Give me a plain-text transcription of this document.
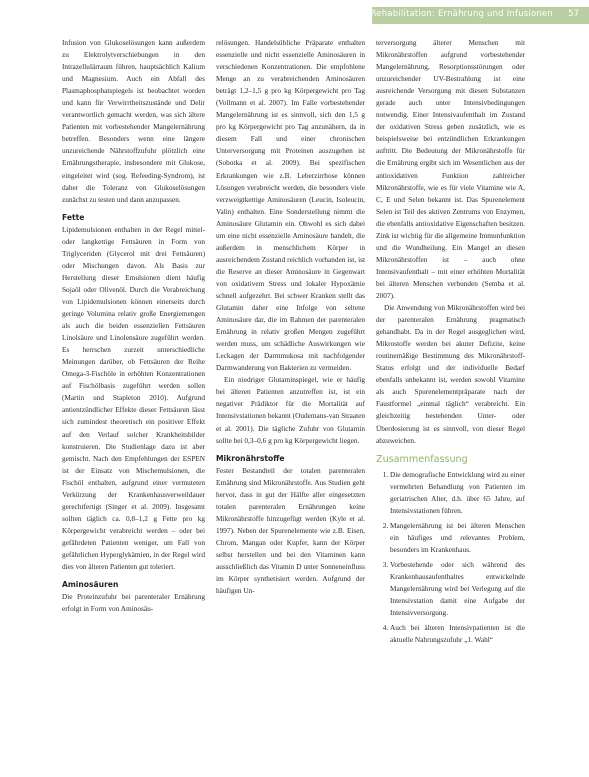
Rehabilitation: Ernährung und Infusionen 57

Infusion von Glukoselösungen kann außerdem zu Elektrolytverschiebungen in den Intrazellulärraum führen, hauptsächlich Kalium und Magnesium. Auch ein Abfall des Plasmaphosphatspiegels ist beobachtet worden und kann für Verwirrtheitszustände und Delir verantwortlich gemacht werden, was sich ältere Patienten mit vorbestehender Mangelernährung betreffen. Besonders wenn eine längere unzureichende Nährstoffzufuhr plötzlich eine Ernährungstherapie, insbesondere mit Glukose, eingeleitet wird (sog. Refeeding-Syndrom), ist daher die Toleranz von Glukoselösungen zunächst zu testen und dann anzupassen.

Fette

Lipidemulsionen enthalten in der Regel mittel- oder langkettige Fettsäuren in Form von Triglyceriden (Glycerol mit drei Fettsäuren) oder Mischungen davon. Als Basis zur Herstellung dieser Emulsionen dient häufig Sojaöl oder Olivenöl. Durch die Verabreichung von Lipidemulsionen können einerseits durch geringe Volumina relativ große Energiemengen als auch die beiden essenziellen Fettsäuren Linolsäure und Linolensäure zugeführt werden. Es herrschen zurzeit unterschiedliche Meinungen darüber, ob Fettsäuren der Reihe Omega-3-Fischöle in erhöhten Konzentrationen auf Fischölbasis zugeführt werden sollen (Martin und Stapleton 2010). Aufgrund antientzündlicher Effekte dieser Fettsäuren lässt sich zumindest theoretisch ein positiver Effekt auf den Verlauf solcher Krankheitsbilder konstruieren. Die Studienlage dazu ist aber gemischt. Nach den Empfehlungen der ESPEN ist der Einsatz von Mischemulsionen, die Fischöl enthalten, aufgrund einer vermuteten Verkürzung der Krankenhausverweildauer gerechtfertigt (Singer et al. 2009). Insgesamt sollten täglich ca. 0,8–1,2 g Fette pro kg Körpergewicht verabreicht werden – oder bei gefährdeten Patienten weniger, um Fall von gefährlichen Hyperglykämien, in der Regel wird dies von älteren Patienten gut toleriert.

Aminosäuren

Die Proteinzufuhr bei parenteraler Ernährung erfolgt in Form von Aminosäu-

relösungen. Handelsübliche Präparate enthalten essenzielle und nicht essenzielle Aminosäuren in verschiedenen Konzentrationen. Die empfohlene Menge an zu verabreichenden Aminosäuren beträgt 1,2–1,5 g pro kg Körpergewicht pro Tag (Vollmann et al. 2007). Im Falle vorbestehender Mangelernährung ist es sinnvoll, sich den 1,5 g pro kg Körpergewicht pro Tag anzunähern, da in diesem Fall und einer chronischen Unterversorgung mit Proteinen auszugehen ist (Sobotka et al. 2009). Bei spezifischen Erkrankungen wie z.B. Leberzirrhose können Lösungen verabreicht werden, die besonders viele verzweigtkettige Aminosäuren (Leucin, Isoleucin, Valin) enthalten. Eine Sonderstellung nimmt die Aminosäure Glutamin ein. Obwohl es sich dabei um eine nicht essenzielle Aminosäure handelt, die außerdem in menschlichem Körper in ausreichendem Zustand reichlich vorhanden ist, ist die Reserve an dieser Aminosäure in Gegenwart von oxidativem Stress und lokaler Hypoxämie schnell aufgezehrt. Bei schwer Kranken stellt das Glutamin daher eine Infolge von seltene Aminosäure dar, die im Rahmen der parenteralen Ernährung in relativ großen Mengen zugeführt werden muss, um schädliche Auswirkungen wie Leckagen der Darmmukosa mit nachfolgender Darmwanderung von Bakterien zu vermeiden.

Ein niedriger Glutaminspiegel, wie er häufig bei älteren Patienten anzutreffen ist, ist ein negativer Prädiktor für die Mortalität auf Intensivstationen bekannt (Oudemans-van Straaten et al. 2001). Die tägliche Zufuhr von Glutamin sollte bei 0,3–0,6 g pro kg Körpergewicht liegen.

Mikronährstoffe

Fester Bestandteil der totalen parenteralen Ernährung sind Mikronährstoffe. Aus Studien geht hervor, dass in gut der Hälfte aller eingesetzten totalen parenteralen Ernährungen keine Mikronährstoffe hinzugefügt werden (Kyle et al. 1997). Neben der Spurenelemente wie z.B. Eisen, Chrom, Mangan oder Kupfer, kann der Körper selbst herstellen und bei den Vitaminen kann ausschließlich das Vitamin D unter Sonneneinfluss im Körper synthetisiert werden. Aufgrund der häufigen Un-

terversorgung älterer Menschen mit Mikronährstoffen aufgrund vorbestehender Mangelernährung, Resorptionsstörungen oder unzureichender UV-Bestrahlung ist eine ausreichende Versorgung mit diesen Substanzen gerade auch unter Intensivbedingungen notwendig. Einer Intensivaufenthalt im Zustand der oxidativen Stress geben zusätzlich, wie es beispielsweise bei entzündlichen Erkrankungen auftritt. Die Bedeutung der Mikronährstoffe für die Ernährung ergibt sich im Wesentlichen aus der antioxidativen Funktion zahlreicher Mikronährstoffe, wie es für viele Vitamine wie A, C, E und Selen bekannt ist. Das Spurenelement Selen ist Teil des aktiven Zentrums von Enzymen, die ebenfalls antioxidative Eigenschaften besitzen. Zink ist wichtig für die allgemeine Immunfunktion und die Wundheilung. Ein Mangel an diesen Mikronährstoffen ist – auch ohne Intensivaufenthalt – mit einer erhöhten Mortalität bei älteren Menschen verbunden (Semba et al. 2007).

Die Anwendung von Mikronährstoffen wird bei der parenteralen Ernährung pragmatisch gehandhabt. Da in der Regel ausgeglichen wird, Mikrostoffe werden bei akuter Defizite, keine routinemäßige Bestimmung des Mikronährstoff-Status erfolgt und der individuelle Bedarf ebenfalls unbekannt ist, werden sowohl Vitamine als auch Spurenelementpräparate nach der Faustformel „einmal täglich“ verabreicht. Ein gleichzeitig bestehenden Unter- oder Überdosierung ist es sinnvoll, von dieser Regel abzuweichen.

Zusammenfassung
1. Die demografische Entwicklung wird zu einer vermehrten Behandlung von Patienten im geriatrischen Alter, d.h. über 65 Jahre, auf Intensivstationen führen.
2. Mangelernährung ist bei älteren Menschen ein häufiges und relevantes Problem, besonders im Krankenhaus.
3. Vorbestehende oder sich während des Krankenhausaufenthaltes entwickelnde Mangelernährung wird bei Verlegung auf die Intensivstation damit eine Aufgabe der Intensivversorgung.
4. Auch bei älteren Intensivpatienten ist die aktuelle Nahrungszufuhr „1. Wahl“
